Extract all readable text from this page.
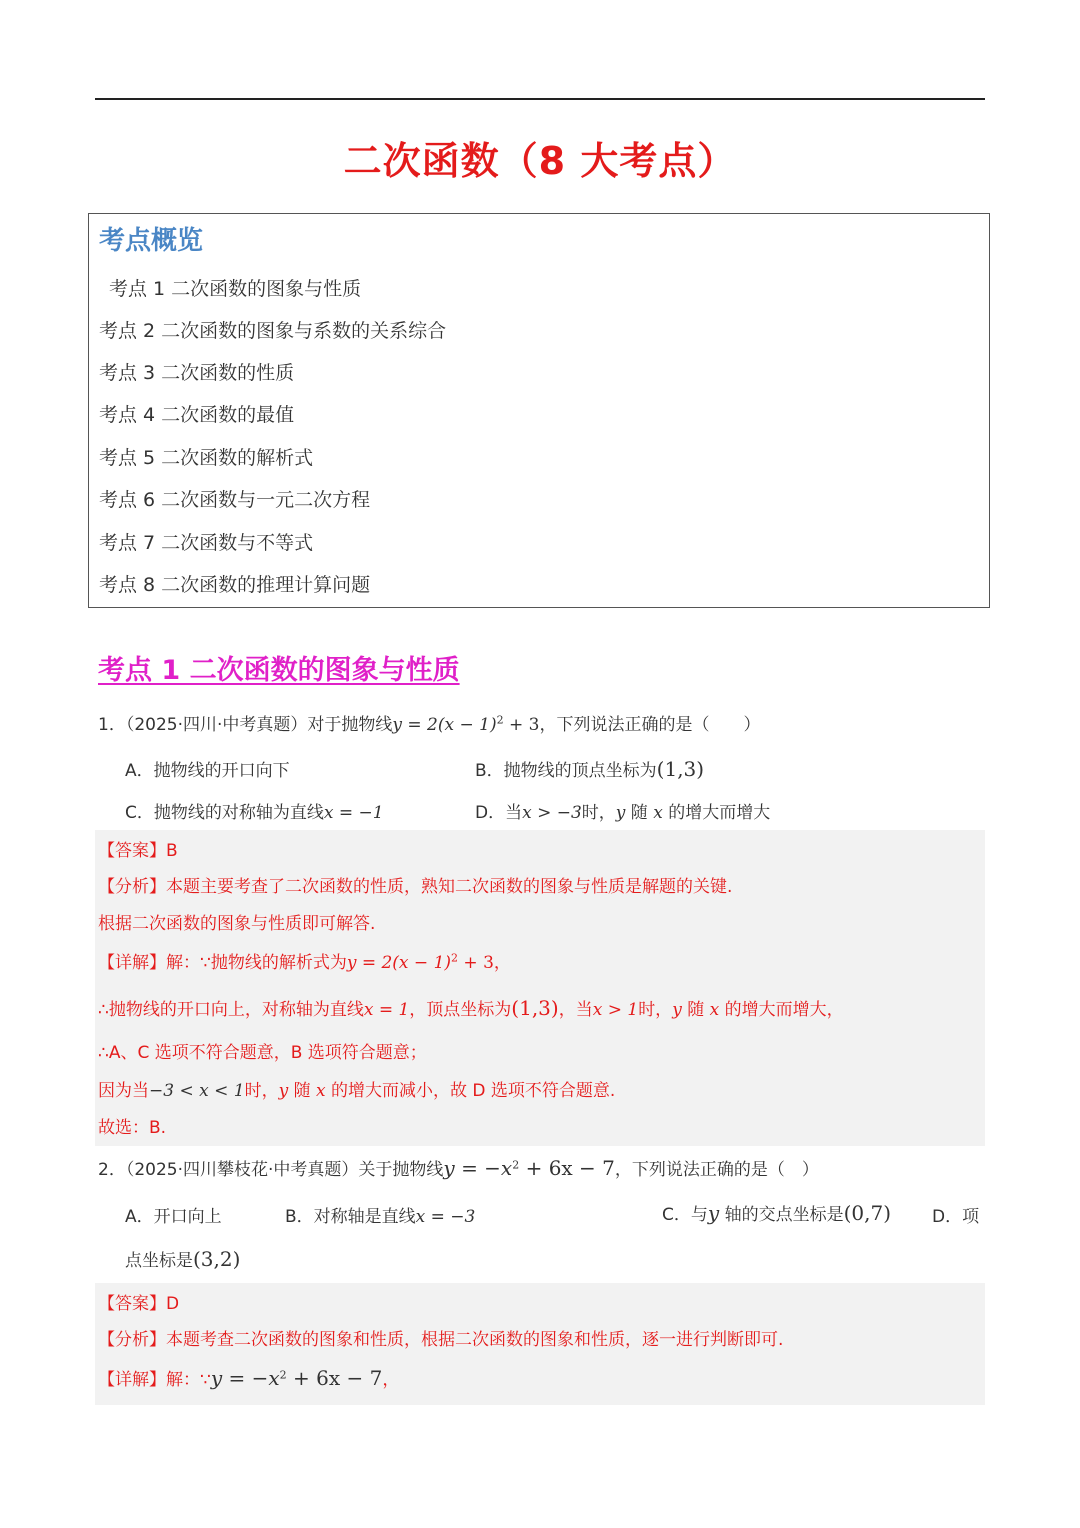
二次函数（8 大考点）
考点概览
考点 1 二次函数的图象与性质
考点 2 二次函数的图象与系数的关系综合
考点 3 二次函数的性质
考点 4 二次函数的最值
考点 5 二次函数的解析式
考点 6 二次函数与一元二次方程
考点 7 二次函数与不等式
考点 8 二次函数的推理计算问题
考点 1 二次函数的图象与性质
1．（2025·四川·中考真题）对于抛物线$y = 2(x - 1)^2 + 3$，下列说法正确的是（　　）
A．抛物线的开口向下	B．抛物线的顶点坐标为(1,3)
C．抛物线的对称轴为直线x = −1	D．当x > −3时，y 随 x 的增大而增大
【答案】B
【分析】本题主要考查了二次函数的性质，熟知二次函数的图象与性质是解题的关键.
根据二次函数的图象与性质即可解答.
【详解】解：∵抛物线的解析式为$y = 2(x - 1)^2 + 3$，
∴抛物线的开口向上，对称轴为直线x = 1，顶点坐标为(1,3)，当x > 1时，y 随 x 的增大而增大，
∴A、C 选项不符合题意，B 选项符合题意；
因为当−3 < x < 1时，y 随 x 的增大而减小，故 D 选项不符合题意.
故选：B.
2．（2025·四川攀枝花·中考真题）关于抛物线$y = -x^2 + 6x - 7$，下列说法正确的是（　）
A．开口向上	B．对称轴是直线x = −3	C．与y 轴的交点坐标是(0,7) D．项
点坐标是(3,2)
【答案】D
【分析】本题考查二次函数的图象和性质，根据二次函数的图象和性质，逐一进行判断即可.
【详解】解：∵y = $-x^2 + 6x - 7$，
